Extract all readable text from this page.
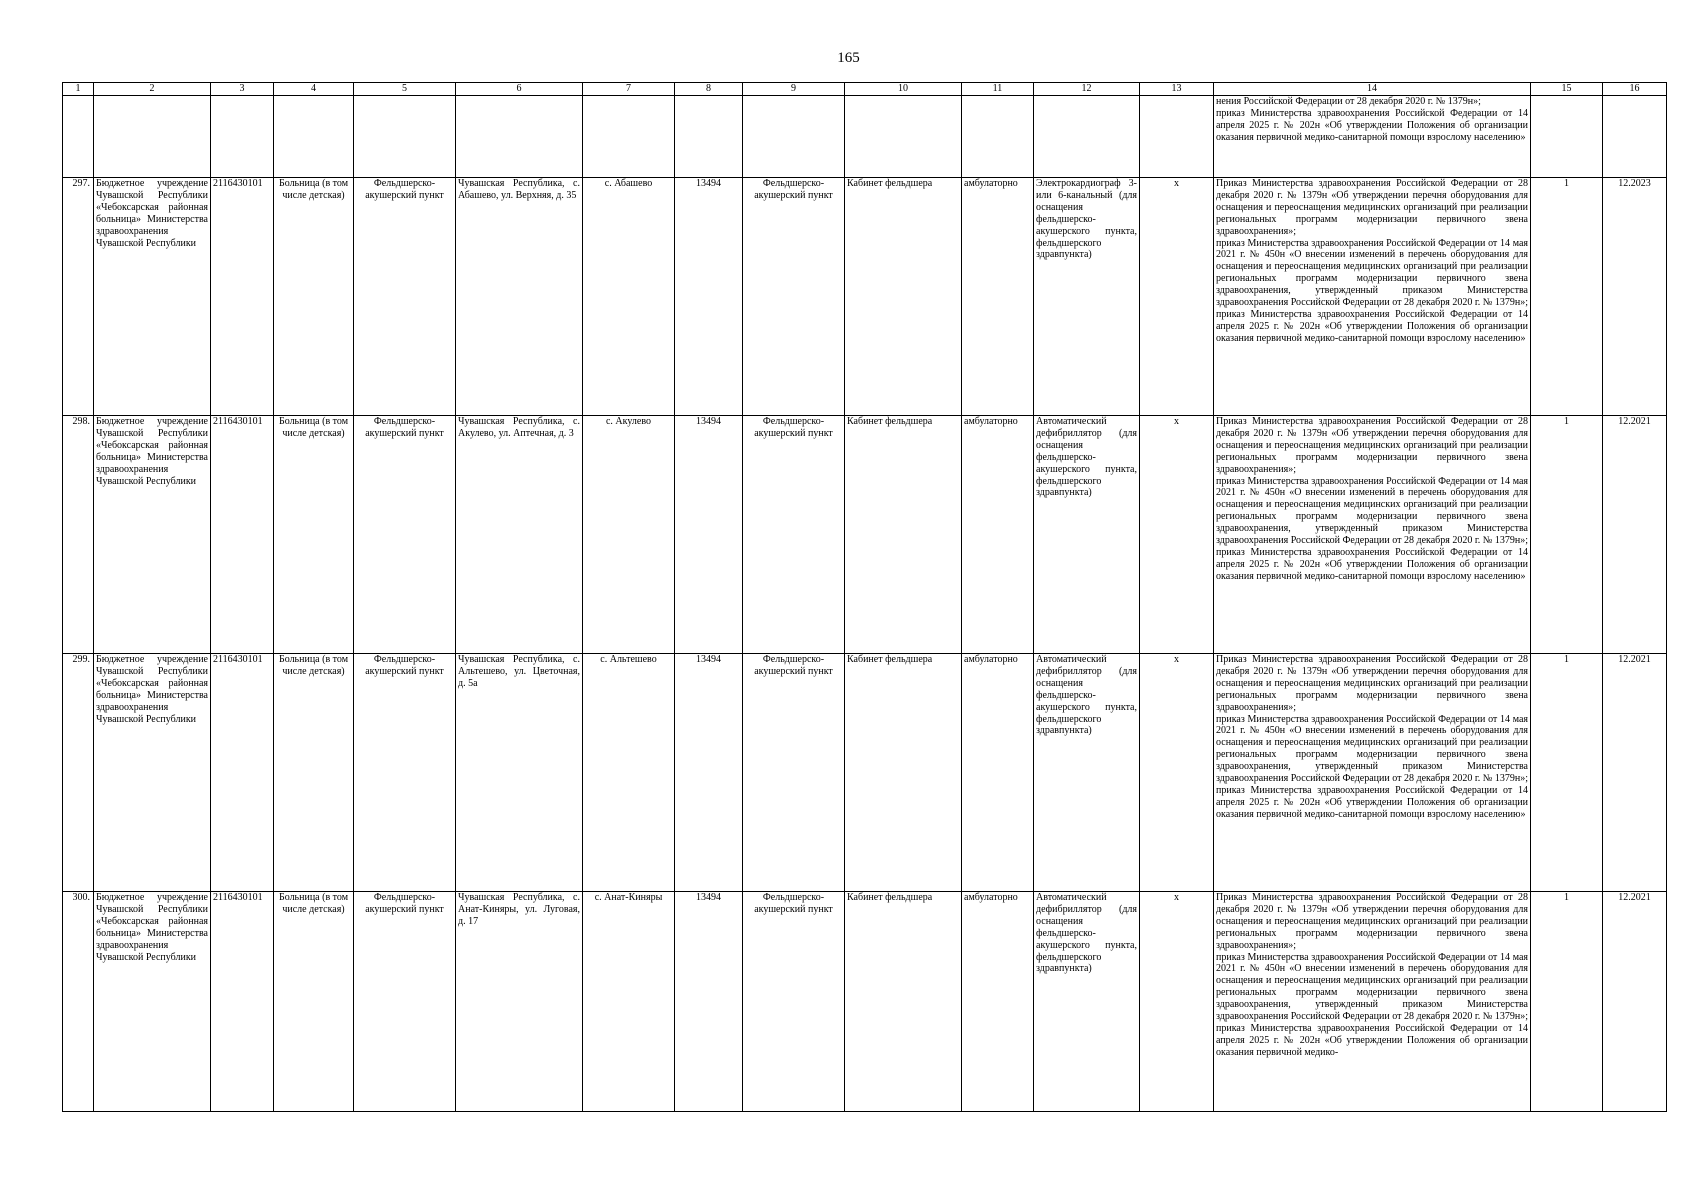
165
1	2	3	4	5	6	7	8	9	10	11	12	13	14	15	16

													нения Российской Федерации от 28 декабря 2020 г. № 1379н»;

приказ Министерства здравоохранения Российской Федерации от 14 апреля 2025 г. № 202н «Об утверждении Положения об организации оказания первичной медико-санитарной помощи взрослому населению»		

297.	Бюджетное учреждение Чувашской Республики «Чебоксарская районная больница» Министерства здравоохранения Чувашской Республики	2116430101	Больница (в том числе детская)	Фельдшерско-акушерский пункт	Чувашская Республика, с. Абашево, ул. Верхняя, д. 35	с. Абашево	13494	Фельдшерско-акушерский пункт	Кабинет фельдшера	амбулаторно	Электрокардиограф 3- или 6-канальный (для оснащения фельдшерско-акушерского пункта, фельдшерского здравпункта)	x	Приказ Министерства здравоохранения Российской Федерации от 28 декабря 2020 г. № 1379н «Об утверждении перечня оборудования для оснащения и переоснащения медицинских организаций при реализации региональных программ модернизации первичного звена здравоохранения»;

приказ Министерства здравоохранения Российской Федерации от 14 мая 2021 г. № 450н «О внесении изменений в перечень оборудования для оснащения и переоснащения медицинских организаций при реализации региональных программ модернизации первичного звена здравоохранения, утвержденный приказом Министерства здравоохранения Российской Федерации от 28 декабря 2020 г. № 1379н»;

приказ Министерства здравоохранения Российской Федерации от 14 апреля 2025 г. № 202н «Об утверждении Положения об организации оказания первичной медико-санитарной помощи взрослому населению»	1	12.2023
298.	Бюджетное учреждение Чувашской Республики «Чебоксарская районная больница» Министерства здравоохранения Чувашской Республики	2116430101	Больница (в том числе детская)	Фельдшерско-акушерский пункт	Чувашская Республика, с. Акулево, ул. Аптечная, д. 3	с. Акулево	13494	Фельдшерско-акушерский пункт	Кабинет фельдшера	амбулаторно	Автоматический дефибриллятор (для оснащения фельдшерско-акушерского пункта, фельдшерского здравпункта)	x	Приказ Министерства здравоохранения Российской Федерации от 28 декабря 2020 г. № 1379н «Об утверждении перечня оборудования для оснащения и переоснащения медицинских организаций при реализации региональных программ модернизации первичного звена здравоохранения»;

приказ Министерства здравоохранения Российской Федерации от 14 мая 2021 г. № 450н «О внесении изменений в перечень оборудования для оснащения и переоснащения медицинских организаций при реализации региональных программ модернизации первичного звена здравоохранения, утвержденный приказом Министерства здравоохранения Российской Федерации от 28 декабря 2020 г. № 1379н»;

приказ Министерства здравоохранения Российской Федерации от 14 апреля 2025 г. № 202н «Об утверждении Положения об организации оказания первичной медико-санитарной помощи взрослому населению»	1	12.2021
299.	Бюджетное учреждение Чувашской Республики «Чебоксарская районная больница» Министерства здравоохранения Чувашской Республики	2116430101	Больница (в том числе детская)	Фельдшерско-акушерский пункт	Чувашская Республика, с. Альтешево, ул. Цветочная, д. 5а	с. Альтешево	13494	Фельдшерско-акушерский пункт	Кабинет фельдшера	амбулаторно	Автоматический дефибриллятор (для оснащения фельдшерско-акушерского пункта, фельдшерского здравпункта)	x	Приказ Министерства здравоохранения Российской Федерации от 28 декабря 2020 г. № 1379н «Об утверждении перечня оборудования для оснащения и переоснащения медицинских организаций при реализации региональных программ модернизации первичного звена здравоохранения»;

приказ Министерства здравоохранения Российской Федерации от 14 мая 2021 г. № 450н «О внесении изменений в перечень оборудования для оснащения и переоснащения медицинских организаций при реализации региональных программ модернизации первичного звена здравоохранения, утвержденный приказом Министерства здравоохранения Российской Федерации от 28 декабря 2020 г. № 1379н»;

приказ Министерства здравоохранения Российской Федерации от 14 апреля 2025 г. № 202н «Об утверждении Положения об организации оказания первичной медико-санитарной помощи взрослому населению»	1	12.2021
300.	Бюджетное учреждение Чувашской Республики «Чебоксарская районная больница» Министерства здравоохранения Чувашской Республики	2116430101	Больница (в том числе детская)	Фельдшерско-акушерский пункт	Чувашская Республика, с. Анат-Киняры, ул. Луговая, д. 17	с. Анат-Киняры	13494	Фельдшерско-акушерский пункт	Кабинет фельдшера	амбулаторно	Автоматический дефибриллятор (для оснащения фельдшерско-акушерского пункта, фельдшерского здравпункта)	x	Приказ Министерства здравоохранения Российской Федерации от 28 декабря 2020 г. № 1379н «Об утверждении перечня оборудования для оснащения и переоснащения медицинских организаций при реализации региональных программ модернизации первичного звена здравоохранения»;

приказ Министерства здравоохранения Российской Федерации от 14 мая 2021 г. № 450н «О внесении изменений в перечень оборудования для оснащения и переоснащения медицинских организаций при реализации региональных программ модернизации первичного звена здравоохранения, утвержденный приказом Министерства здравоохранения Российской Федерации от 28 декабря 2020 г. № 1379н»;

приказ Министерства здравоохранения Российской Федерации от 14 апреля 2025 г. № 202н «Об утверждении Положения об организации оказания первичной медико-	1	12.2021
